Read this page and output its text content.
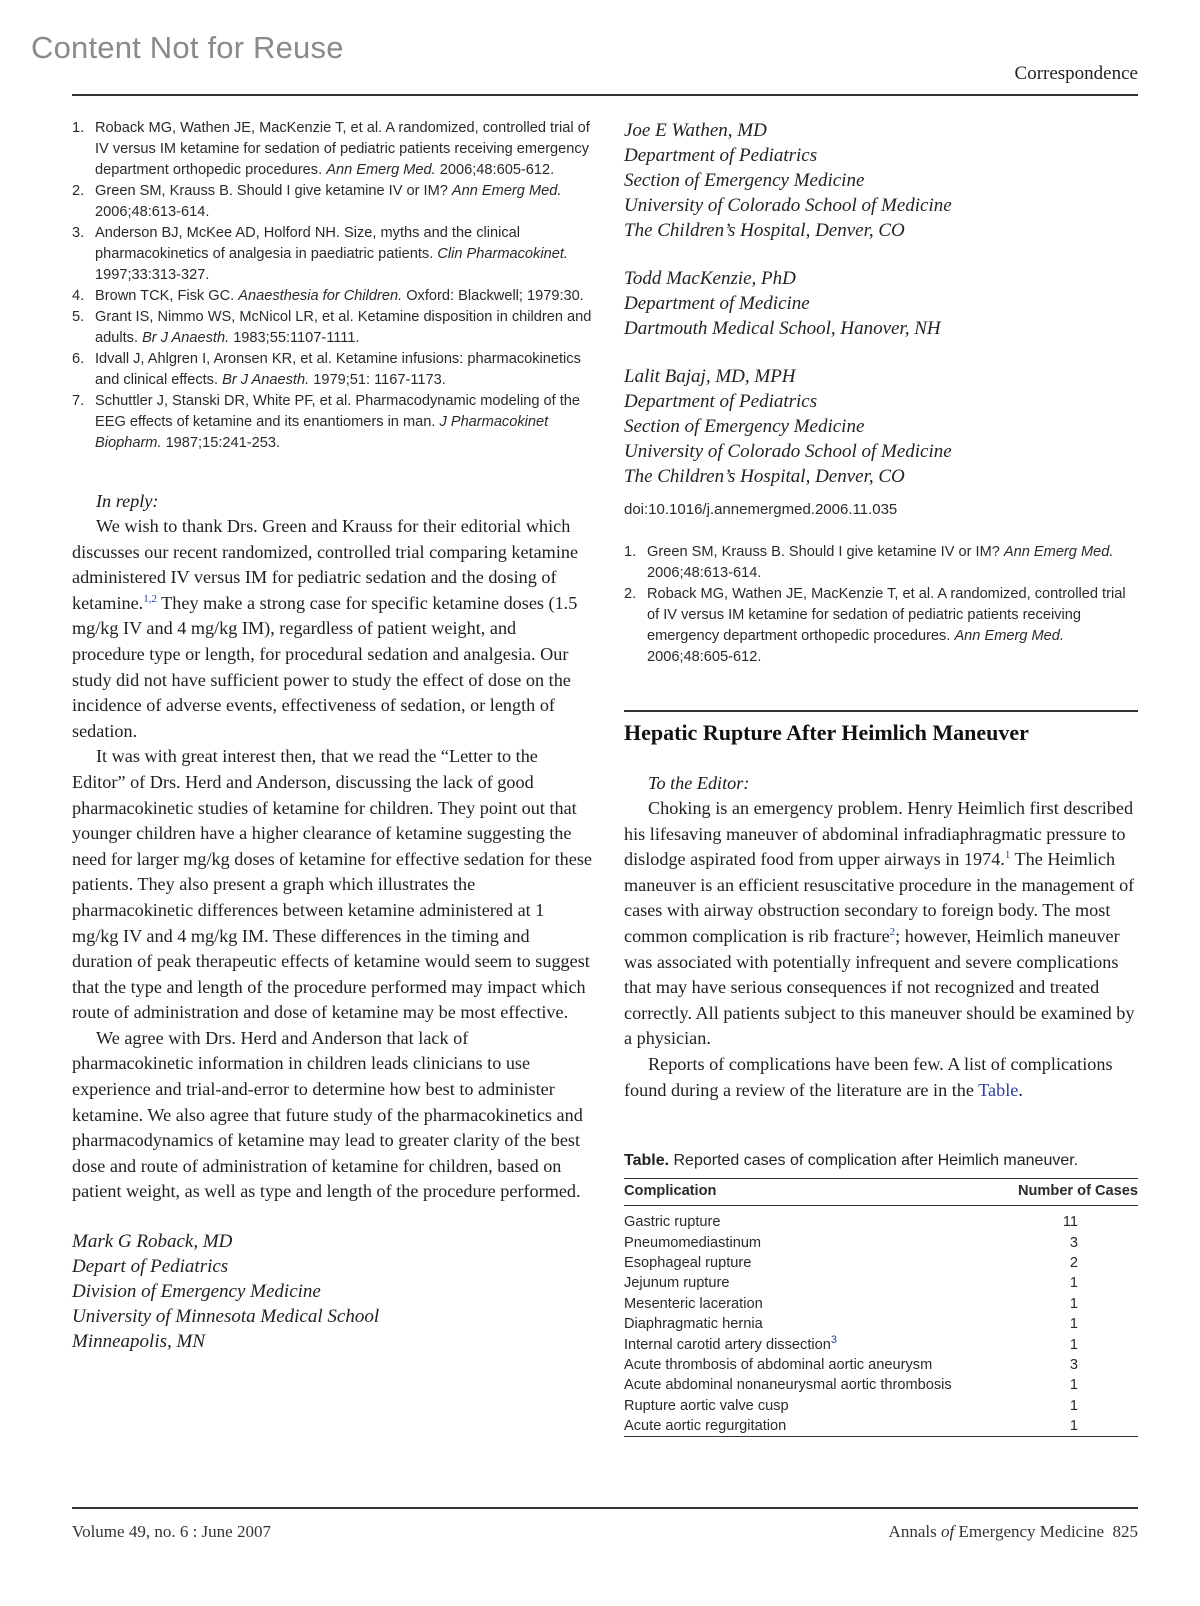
Content Not for Reuse
Correspondence
1. Roback MG, Wathen JE, MacKenzie T, et al. A randomized, controlled trial of IV versus IM ketamine for sedation of pediatric patients receiving emergency department orthopedic procedures. Ann Emerg Med. 2006;48:605-612.
2. Green SM, Krauss B. Should I give ketamine IV or IM? Ann Emerg Med. 2006;48:613-614.
3. Anderson BJ, McKee AD, Holford NH. Size, myths and the clinical pharmacokinetics of analgesia in paediatric patients. Clin Pharmacokinet. 1997;33:313-327.
4. Brown TCK, Fisk GC. Anaesthesia for Children. Oxford: Blackwell; 1979:30.
5. Grant IS, Nimmo WS, McNicol LR, et al. Ketamine disposition in children and adults. Br J Anaesth. 1983;55:1107-1111.
6. Idvall J, Ahlgren I, Aronsen KR, et al. Ketamine infusions: pharmacokinetics and clinical effects. Br J Anaesth. 1979;51: 1167-1173.
7. Schuttler J, Stanski DR, White PF, et al. Pharmacodynamic modeling of the EEG effects of ketamine and its enantiomers in man. J Pharmacokinet Biopharm. 1987;15:241-253.
In reply:

We wish to thank Drs. Green and Krauss for their editorial which discusses our recent randomized, controlled trial comparing ketamine administered IV versus IM for pediatric sedation and the dosing of ketamine.$^{1,2}$ They make a strong case for specific ketamine doses (1.5 mg/kg IV and 4 mg/kg IM), regardless of patient weight, and procedure type or length, for procedural sedation and analgesia. Our study did not have sufficient power to study the effect of dose on the incidence of adverse events, effectiveness of sedation, or length of sedation.

It was with great interest then, that we read the “Letter to the Editor” of Drs. Herd and Anderson, discussing the lack of good pharmacokinetic studies of ketamine for children. They point out that younger children have a higher clearance of ketamine suggesting the need for larger mg/kg doses of ketamine for effective sedation for these patients. They also present a graph which illustrates the pharmacokinetic differences between ketamine administered at 1 mg/kg IV and 4 mg/kg IM. These differences in the timing and duration of peak therapeutic effects of ketamine would seem to suggest that the type and length of the procedure performed may impact which route of administration and dose of ketamine may be most effective.

We agree with Drs. Herd and Anderson that lack of pharmacokinetic information in children leads clinicians to use experience and trial-and-error to determine how best to administer ketamine. We also agree that future study of the pharmacokinetics and pharmacodynamics of ketamine may lead to greater clarity of the best dose and route of administration of ketamine for children, based on patient weight, as well as type and length of the procedure performed.

Mark G Roback, MD
Depart of Pediatrics
Division of Emergency Medicine
University of Minnesota Medical School
Minneapolis, MN
Joe E Wathen, MD
Department of Pediatrics
Section of Emergency Medicine
University of Colorado School of Medicine
The Children’s Hospital, Denver, CO
Todd MacKenzie, PhD
Department of Medicine
Dartmouth Medical School, Hanover, NH
Lalit Bajaj, MD, MPH
Department of Pediatrics
Section of Emergency Medicine
University of Colorado School of Medicine
The Children’s Hospital, Denver, CO
doi:10.1016/j.annemergmed.2006.11.035
1. Green SM, Krauss B. Should I give ketamine IV or IM? Ann Emerg Med. 2006;48:613-614.
2. Roback MG, Wathen JE, MacKenzie T, et al. A randomized, controlled trial of IV versus IM ketamine for sedation of pediatric patients receiving emergency department orthopedic procedures. Ann Emerg Med. 2006;48:605-612.
Hepatic Rupture After Heimlich Maneuver
To the Editor:

Choking is an emergency problem. Henry Heimlich first described his lifesaving maneuver of abdominal infradiaphragmatic pressure to dislodge aspirated food from upper airways in 1974.$^1$ The Heimlich maneuver is an efficient resuscitative procedure in the management of cases with airway obstruction secondary to foreign body. The most common complication is rib fracture$^2$; however, Heimlich maneuver was associated with potentially infrequent and severe complications that may have serious consequences if not recognized and treated correctly. All patients subject to this maneuver should be examined by a physician.

Reports of complications have been few. A list of complications found during a review of the literature are in the Table.

Table. Reported cases of complication after Heimlich maneuver.
Complication	Number of Cases
Gastric rupture	11
Pneumomediastinum	3
Esophageal rupture	2
Jejunum rupture	1
Mesenteric laceration	1
Diaphragmatic hernia	1
Internal carotid artery dissection$^3$	1
Acute thrombosis of abdominal aortic aneurysm	3
Acute abdominal nonaneurysmal aortic thrombosis	1
Rupture aortic valve cusp	1
Acute aortic regurgitation	1

Volume 49, no. 6 : June 2007	Annals of Emergency Medicine 825
